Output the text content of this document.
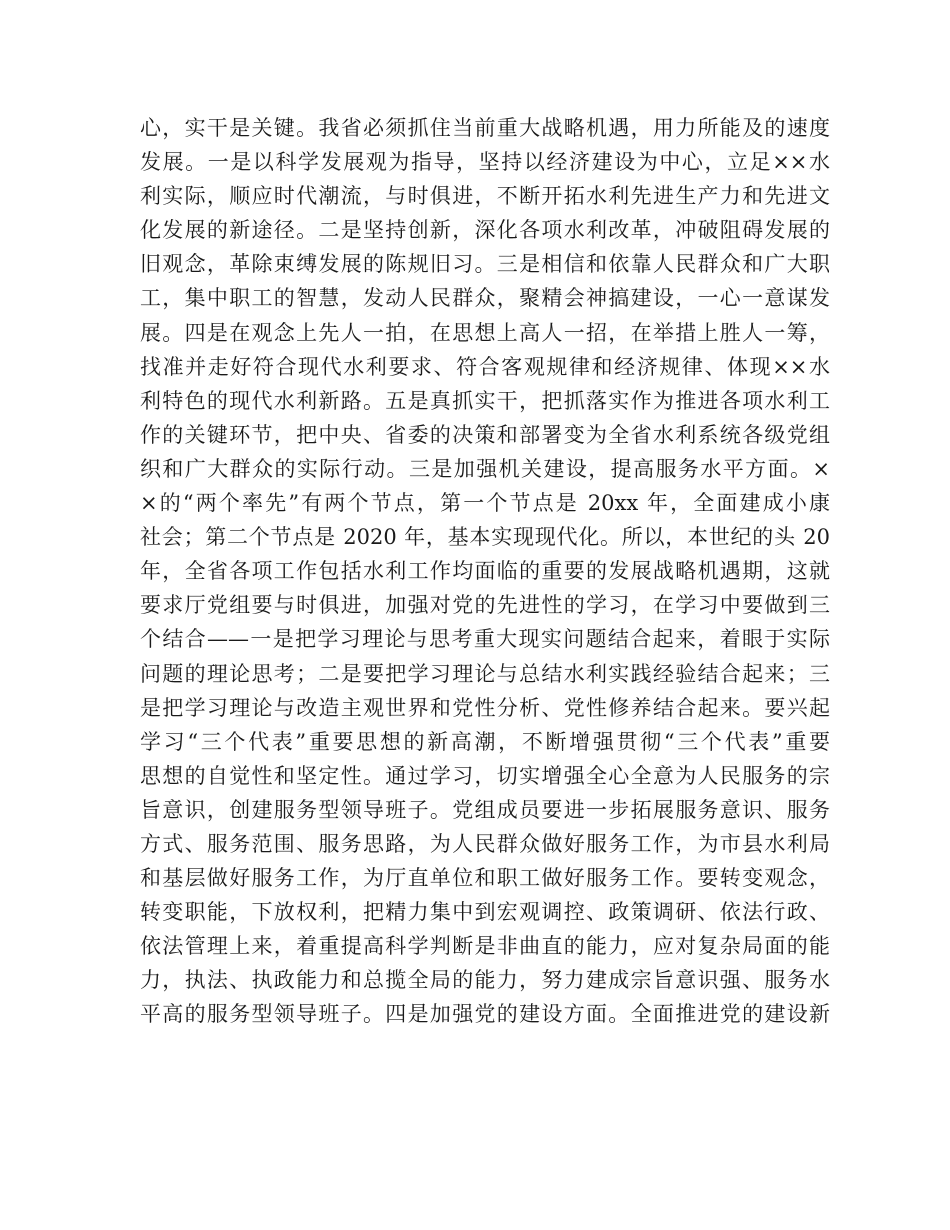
心，实干是关键。我省必须抓住当前重大战略机遇，用力所能及的速度
发展。一是以科学发展观为指导，坚持以经济建设为中心，立足××水
利实际，顺应时代潮流，与时俱进，不断开拓水利先进生产力和先进文
化发展的新途径。二是坚持创新，深化各项水利改革，冲破阻碍发展的
旧观念，革除束缚发展的陈规旧习。三是相信和依靠人民群众和广大职
工，集中职工的智慧，发动人民群众，聚精会神搞建设，一心一意谋发
展。四是在观念上先人一拍，在思想上高人一招，在举措上胜人一筹，
找准并走好符合现代水利要求、符合客观规律和经济规律、体现××水
利特色的现代水利新路。五是真抓实干，把抓落实作为推进各项水利工
作的关键环节，把中央、省委的决策和部署变为全省水利系统各级党组
织和广大群众的实际行动。三是加强机关建设，提高服务水平方面。×
×的“两个率先”有两个节点，第一个节点是 20xx 年，全面建成小康
社会；第二个节点是 2020 年，基本实现现代化。所以，本世纪的头 20
年，全省各项工作包括水利工作均面临的重要的发展战略机遇期，这就
要求厅党组要与时俱进，加强对党的先进性的学习，在学习中要做到三
个结合——一是把学习理论与思考重大现实问题结合起来，着眼于实际
问题的理论思考；二是要把学习理论与总结水利实践经验结合起来；三
是把学习理论与改造主观世界和党性分析、党性修养结合起来。要兴起
学习“三个代表”重要思想的新高潮，不断增强贯彻“三个代表”重要
思想的自觉性和坚定性。通过学习，切实增强全心全意为人民服务的宗
旨意识，创建服务型领导班子。党组成员要进一步拓展服务意识、服务
方式、服务范围、服务思路，为人民群众做好服务工作，为市县水利局
和基层做好服务工作，为厅直单位和职工做好服务工作。要转变观念，
转变职能，下放权利，把精力集中到宏观调控、政策调研、依法行政、
依法管理上来，着重提高科学判断是非曲直的能力，应对复杂局面的能
力，执法、执政能力和总揽全局的能力，努力建成宗旨意识强、服务水
平高的服务型领导班子。四是加强党的建设方面。全面推进党的建设新
